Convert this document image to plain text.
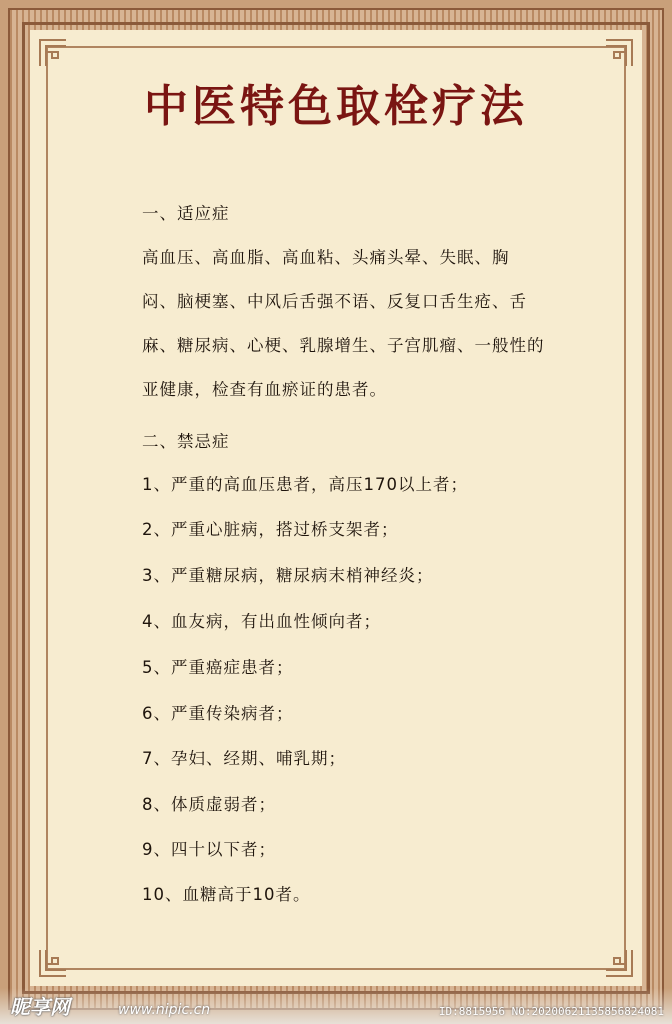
中医特色取栓疗法
一、适应症
高血压、高血脂、高血粘、头痛头晕、失眠、胸
闷、脑梗塞、中风后舌强不语、反复口舌生疮、舌
麻、糖尿病、心梗、乳腺增生、子宫肌瘤、一般性的
亚健康，检查有血瘀证的患者。
二、禁忌症
1、严重的高血压患者，高压170以上者；
2、严重心脏病，搭过桥支架者；
3、严重糖尿病，糖尿病末梢神经炎；
4、血友病，有出血性倾向者；
5、严重癌症患者；
6、严重传染病者；
7、孕妇、经期、哺乳期；
8、体质虚弱者；
9、四十以下者；
10、血糖高于10者。
昵享网	www.nipic.cn	ID:8815956 NO:20200621135856824081
